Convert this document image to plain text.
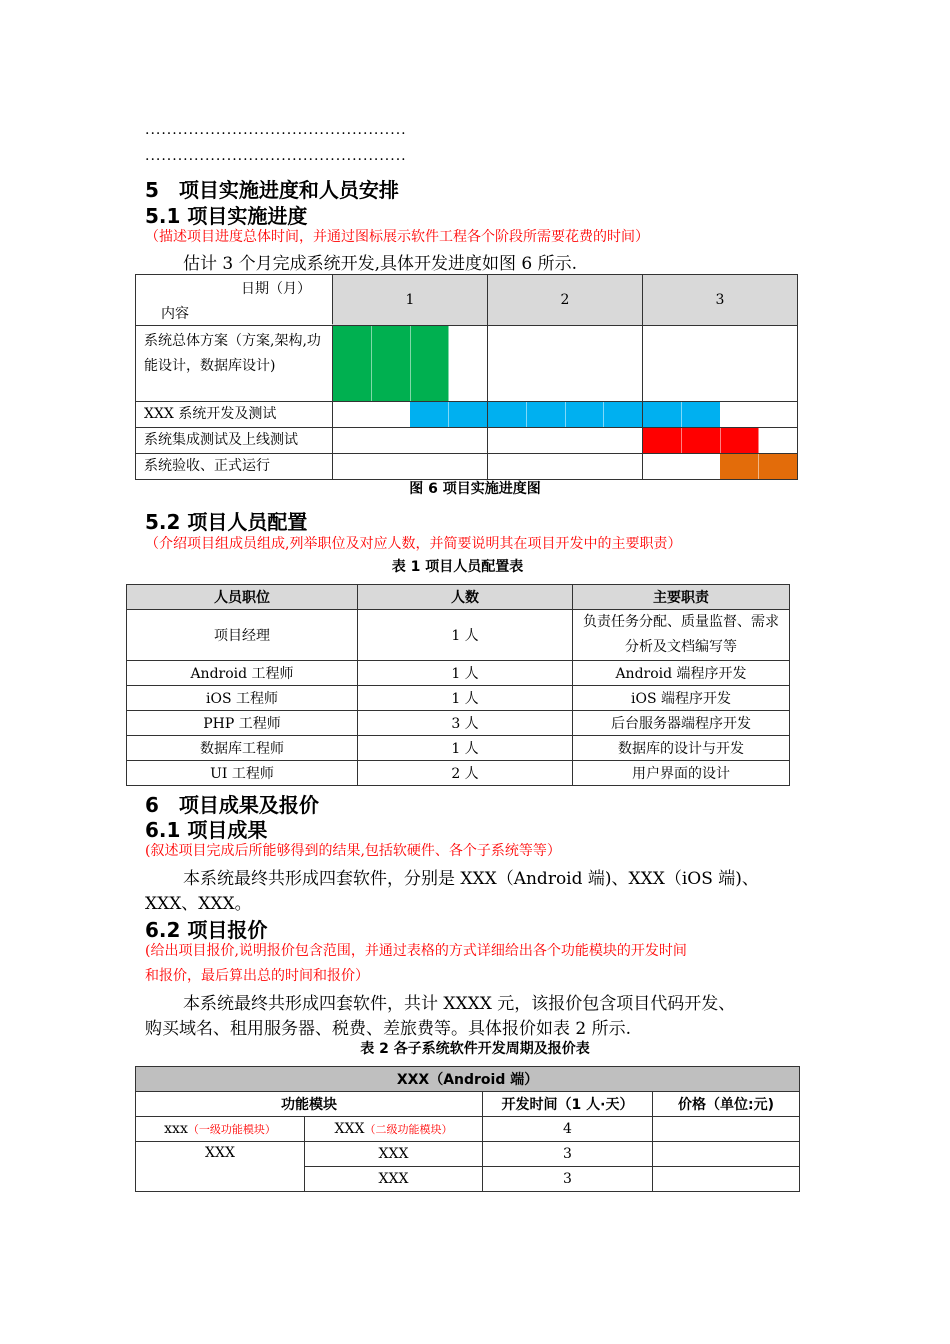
................................................
................................................
5　项目实施进度和人员安排
5.1 项目实施进度
（描述项目进度总体时间，并通过图标展示软件工程各个阶段所需要花费的时间）
估计 3 个月完成系统开发,具体开发进度如图 6 所示.
日期（月）
内容	1				2				3			
系统总体方案（方案,架构,功能设计，数据库设计)												
XXX 系统开发及测试												
系统集成测试及上线测试												
系统验收、正式运行												
图 6 项目实施进度图
5.2 项目人员配置
（介绍项目组成员组成,列举职位及对应人数，并简要说明其在项目开发中的主要职责）
表 1 项目人员配置表
人员职位	人数	主要职责
项目经理	1 人	负责任务分配、质量监督、需求分析及文档编写等
Android 工程师	1 人	Android 端程序开发
iOS 工程师	1 人	iOS 端程序开发
PHP 工程师	3 人	后台服务器端程序开发
数据库工程师	1 人	数据库的设计与开发
UI 工程师	2 人	用户界面的设计
6　项目成果及报价
6.1 项目成果
(叙述项目完成后所能够得到的结果,包括软硬件、各个子系统等等）
本系统最终共形成四套软件，分别是 XXX（Android 端)、XXX（iOS 端)、
XXX、XXX。
6.2 项目报价
(给出项目报价,说明报价包含范围，并通过表格的方式详细给出各个功能模块的开发时间
和报价，最后算出总的时间和报价）
本系统最终共形成四套软件，共计 XXXX 元，该报价包含项目代码开发、
购买域名、租用服务器、税费、差旅费等。具体报价如表 2 所示.
表 2 各子系统软件开发周期及报价表
XXX（Android 端）			
功能模块		开发时间（1 人·天）	价格（单位:元)
xxx（一级功能模块）	XXX（二级功能模块）	4	
XXX	XXX	3	
	XXX	3	
